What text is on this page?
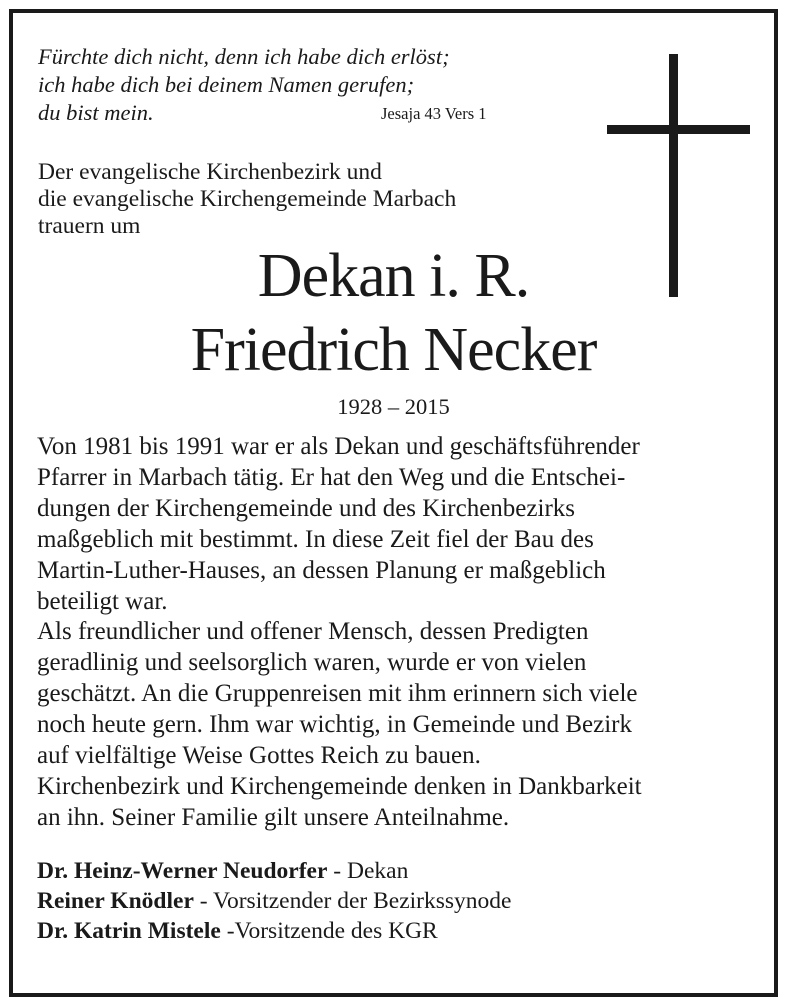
Fürchte dich nicht, denn ich habe dich erlöst;
ich habe dich bei deinem Namen gerufen;
du bist mein.	Jesaja 43 Vers 1
Der evangelische Kirchenbezirk und
die evangelische Kirchengemeinde Marbach
trauern um
Dekan i. R.
Friedrich Necker
1928 – 2015
Von 1981 bis 1991 war er als Dekan und geschäftsführender
Pfarrer in Marbach tätig. Er hat den Weg und die Entschei-
dungen der Kirchengemeinde und des Kirchenbezirks
maßgeblich mit bestimmt. In diese Zeit fiel der Bau des
Martin-Luther-Hauses, an dessen Planung er maßgeblich
beteiligt war.
Als freundlicher und offener Mensch, dessen Predigten
geradlinig und seelsorglich waren, wurde er von vielen
geschätzt. An die Gruppenreisen mit ihm erinnern sich viele
noch heute gern. Ihm war wichtig, in Gemeinde und Bezirk
auf vielfältige Weise Gottes Reich zu bauen.
Kirchenbezirk und Kirchengemeinde denken in Dankbarkeit
an ihn. Seiner Familie gilt unsere Anteilnahme.
Dr. Heinz-Werner Neudorfer - Dekan
Reiner Knödler - Vorsitzender der Bezirkssynode
Dr. Katrin Mistele -Vorsitzende des KGR
